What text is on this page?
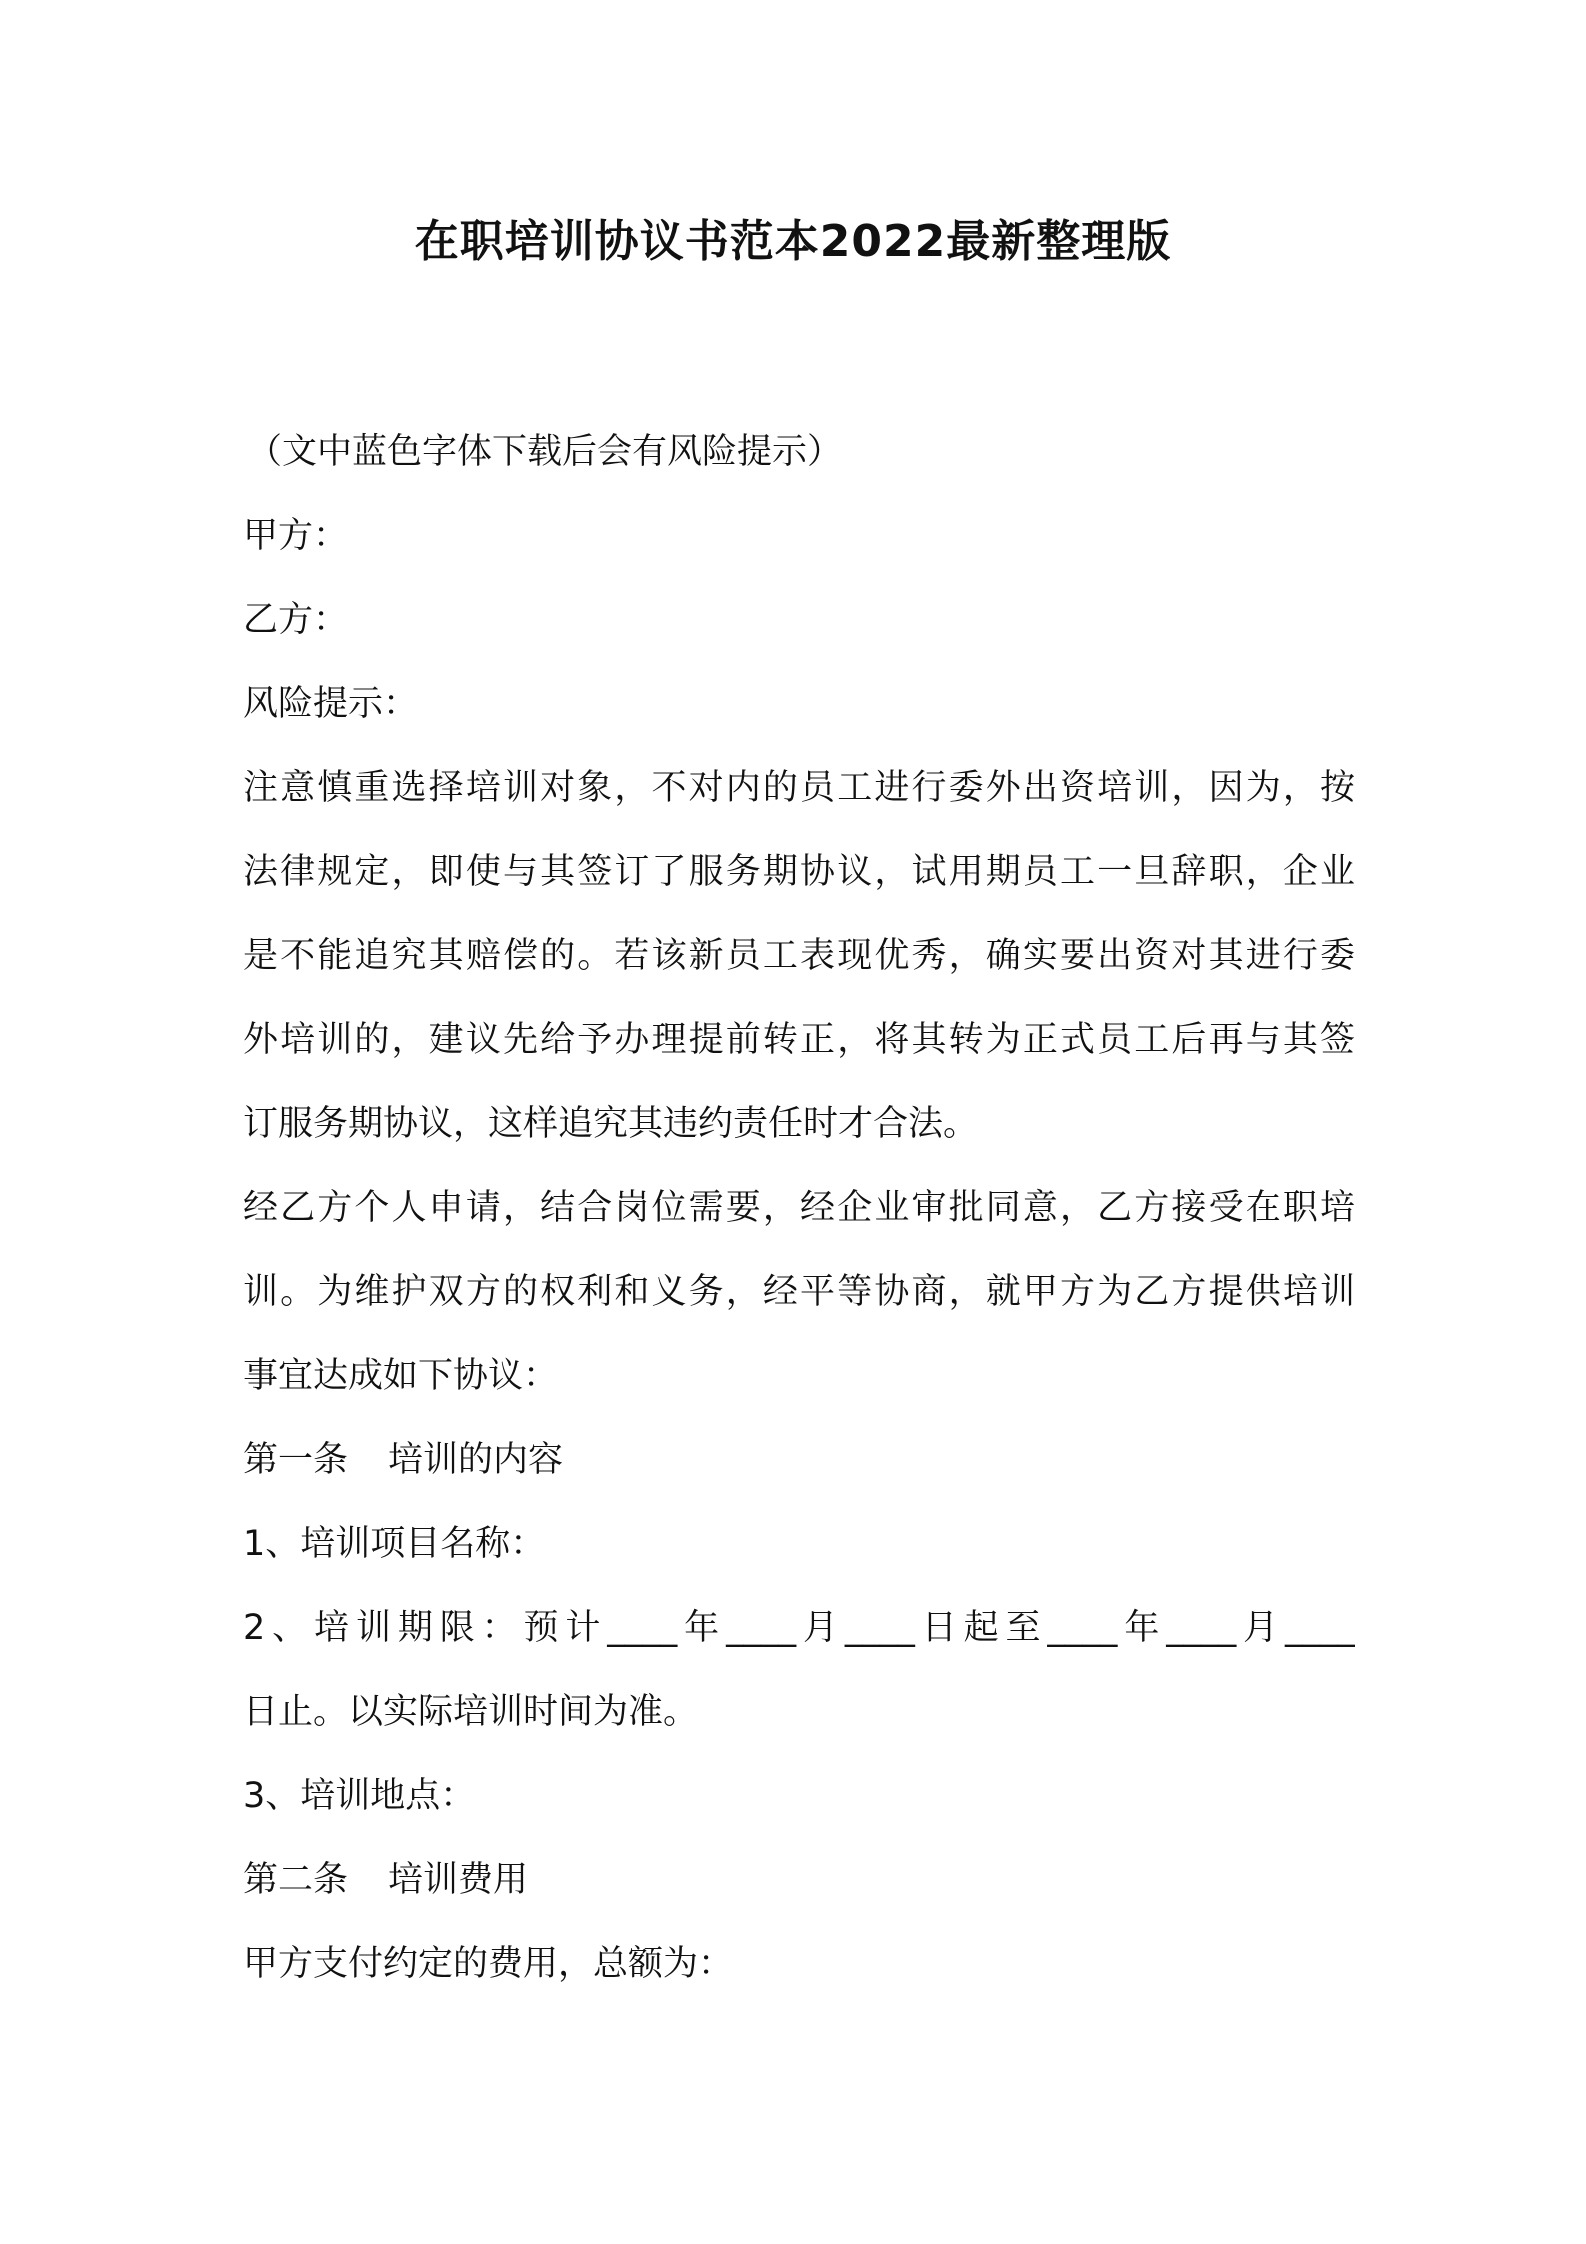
在职培训协议书范本2022最新整理版
（文中蓝色字体下载后会有风险提示）
甲方：
乙方：
风险提示：
注意慎重选择培训对象，不对内的员工进行委外出资培训，因为，按
法律规定，即使与其签订了服务期协议，试用期员工一旦辞职，企业
是不能追究其赔偿的。若该新员工表现优秀，确实要出资对其进行委
外培训的，建议先给予办理提前转正，将其转为正式员工后再与其签
订服务期协议，这样追究其违约责任时才合法。
经乙方个人申请，结合岗位需要，经企业审批同意，乙方接受在职培
训。为维护双方的权利和义务，经平等协商，就甲方为乙方提供培训
事宜达成如下协议：
第一条 培训的内容
1、培训项目名称：
2、培训期限：预计____年____月____日起至____年____月____
日止。以实际培训时间为准。
3、培训地点：
第二条 培训费用
甲方支付约定的费用，总额为：
